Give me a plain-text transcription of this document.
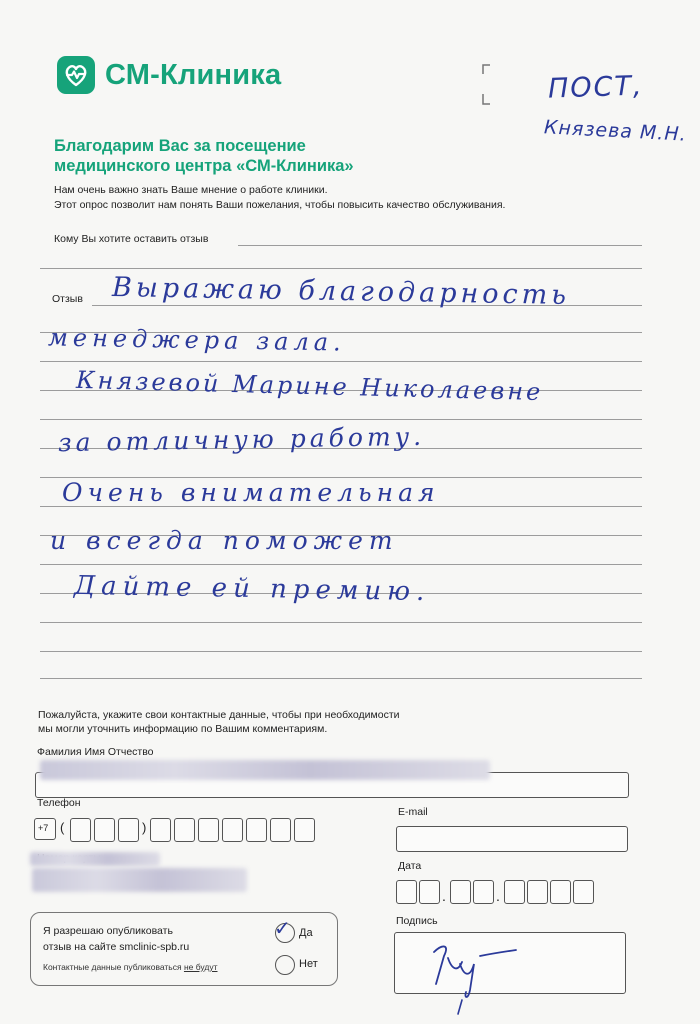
СМ-Клиника	ПОСТ,
Князева М.Н.
Благодарим Вас за посещение
медицинского центра «СМ-Клиника»
Нам очень важно знать Ваше мнение о работе клиники.
Этот опрос позволит нам понять Ваши пожелания, чтобы повысить качество обслуживания.
Кому Вы хотите оставить отзыв
Отзыв Выражаю благодарность
менеджера зала.
Князевой Марине Николаевне
за отличную работу.
Очень внимательная
и всегда поможет
Дайте ей премию.
Пожалуйста, укажите свои контактные данные, чтобы при необходимости
мы могли уточнить информацию по Вашим комментариям.
Фамилия Имя Отчество
Телефон
+7 (	)
E-mail
Дата
.	.
Подпись
Я разрешаю опубликовать
отзыв на сайте smclinic-spb.ru
Контактные данные публиковаться не будут
✓ Да
Нет
